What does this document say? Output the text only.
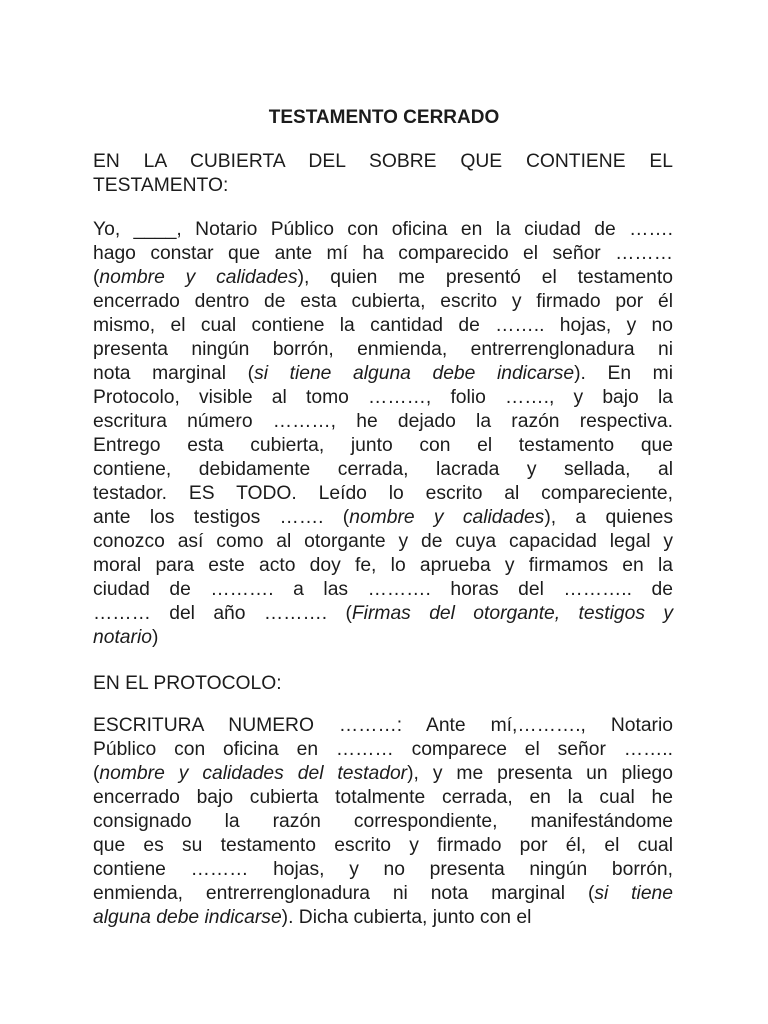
TESTAMENTO CERRADO
EN LA CUBIERTA DEL SOBRE QUE CONTIENE EL
TESTAMENTO:
Yo, ____, Notario Público con oficina en la ciudad de …….
hago constar que ante mí ha comparecido el señor ………
(nombre y calidades), quien me presentó el testamento
encerrado dentro de esta cubierta, escrito y firmado por él
mismo, el cual contiene la cantidad de …….. hojas, y no
presenta ningún borrón, enmienda, entrerrenglonadura ni
nota marginal (si tiene alguna debe indicarse). En mi
Protocolo, visible al tomo ………, folio ……., y bajo la
escritura número ………, he dejado la razón respectiva.
Entrego esta cubierta, junto con el testamento que
contiene, debidamente cerrada, lacrada y sellada, al
testador. ES TODO. Leído lo escrito al compareciente,
ante los testigos ……. (nombre y calidades), a quienes
conozco así como al otorgante y de cuya capacidad legal y
moral para este acto doy fe, lo aprueba y firmamos en la
ciudad de ………. a las ………. horas del ……….. de
……… del año ………. (Firmas del otorgante, testigos y
notario)
EN EL PROTOCOLO:
ESCRITURA NUMERO ………: Ante mí,………., Notario
Público con oficina en ……… comparece el señor ……..
(nombre y calidades del testador), y me presenta un pliego
encerrado bajo cubierta totalmente cerrada, en la cual he
consignado la razón correspondiente, manifestándome
que es su testamento escrito y firmado por él, el cual
contiene ……… hojas, y no presenta ningún borrón,
enmienda, entrerrenglonadura ni nota marginal (si tiene
alguna debe indicarse). Dicha cubierta, junto con el
